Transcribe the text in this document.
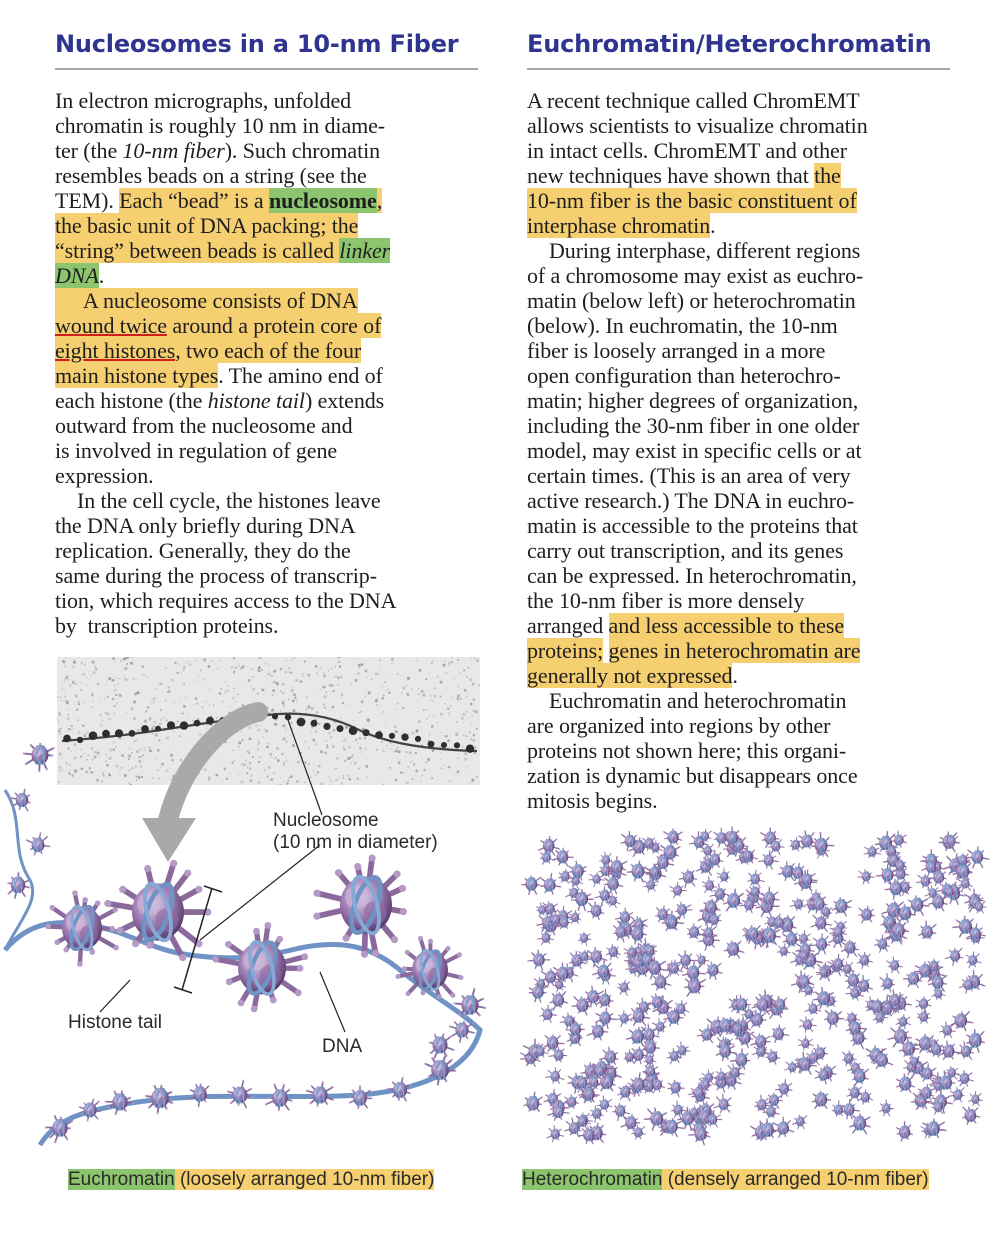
Nucleosomes in a 10-nm Fiber
In electron micrographs, unfolded
chromatin is roughly 10 nm in diame-
ter (the 10-nm fiber). Such chromatin
resembles beads on a string (see the
TEM). Each “bead” is a nucleosome,
the basic unit of DNA packing; the
“string” between beads is called linker
DNA.
A nucleosome consists of DNA
wound twice around a protein core of
eight histones, two each of the four
main histone types. The amino end of
each histone (the histone tail) extends
outward from the nucleosome and
is involved in regulation of gene
expression.
In the cell cycle, the histones leave
the DNA only briefly during DNA
replication. Generally, they do the
same during the process of transcrip-
tion, which requires access to the DNA
by  transcription proteins.
Euchromatin/Heterochromatin
A recent technique called ChromEMT
allows scientists to visualize chromatin
in intact cells. ChromEMT and other
new techniques have shown that the
10-nm fiber is the basic constituent of
interphase chromatin.
During interphase, different regions
of a chromosome may exist as euchro-
matin (below left) or heterochromatin
(below). In euchromatin, the 10-nm
fiber is loosely arranged in a more
open configuration than heterochro-
matin; higher degrees of organization,
including the 30-nm fiber in one older
model, may exist in specific cells or at
certain times. (This is an area of very
active research.) The DNA in euchro-
matin is accessible to the proteins that
carry out transcription, and its genes
can be expressed. In heterochromatin,
the 10-nm fiber is more densely
arranged and less accessible to these
proteins; genes in heterochromatin are
generally not expressed.
Euchromatin and heterochromatin
are organized into regions by other
proteins not shown here; this organi-
zation is dynamic but disappears once
mitosis begins.
Nucleosome
(10 nm in diameter)
Histone tail
DNA
Euchromatin (loosely arranged 10-nm fiber)	Heterochromatin (densely arranged 10-nm fiber)
